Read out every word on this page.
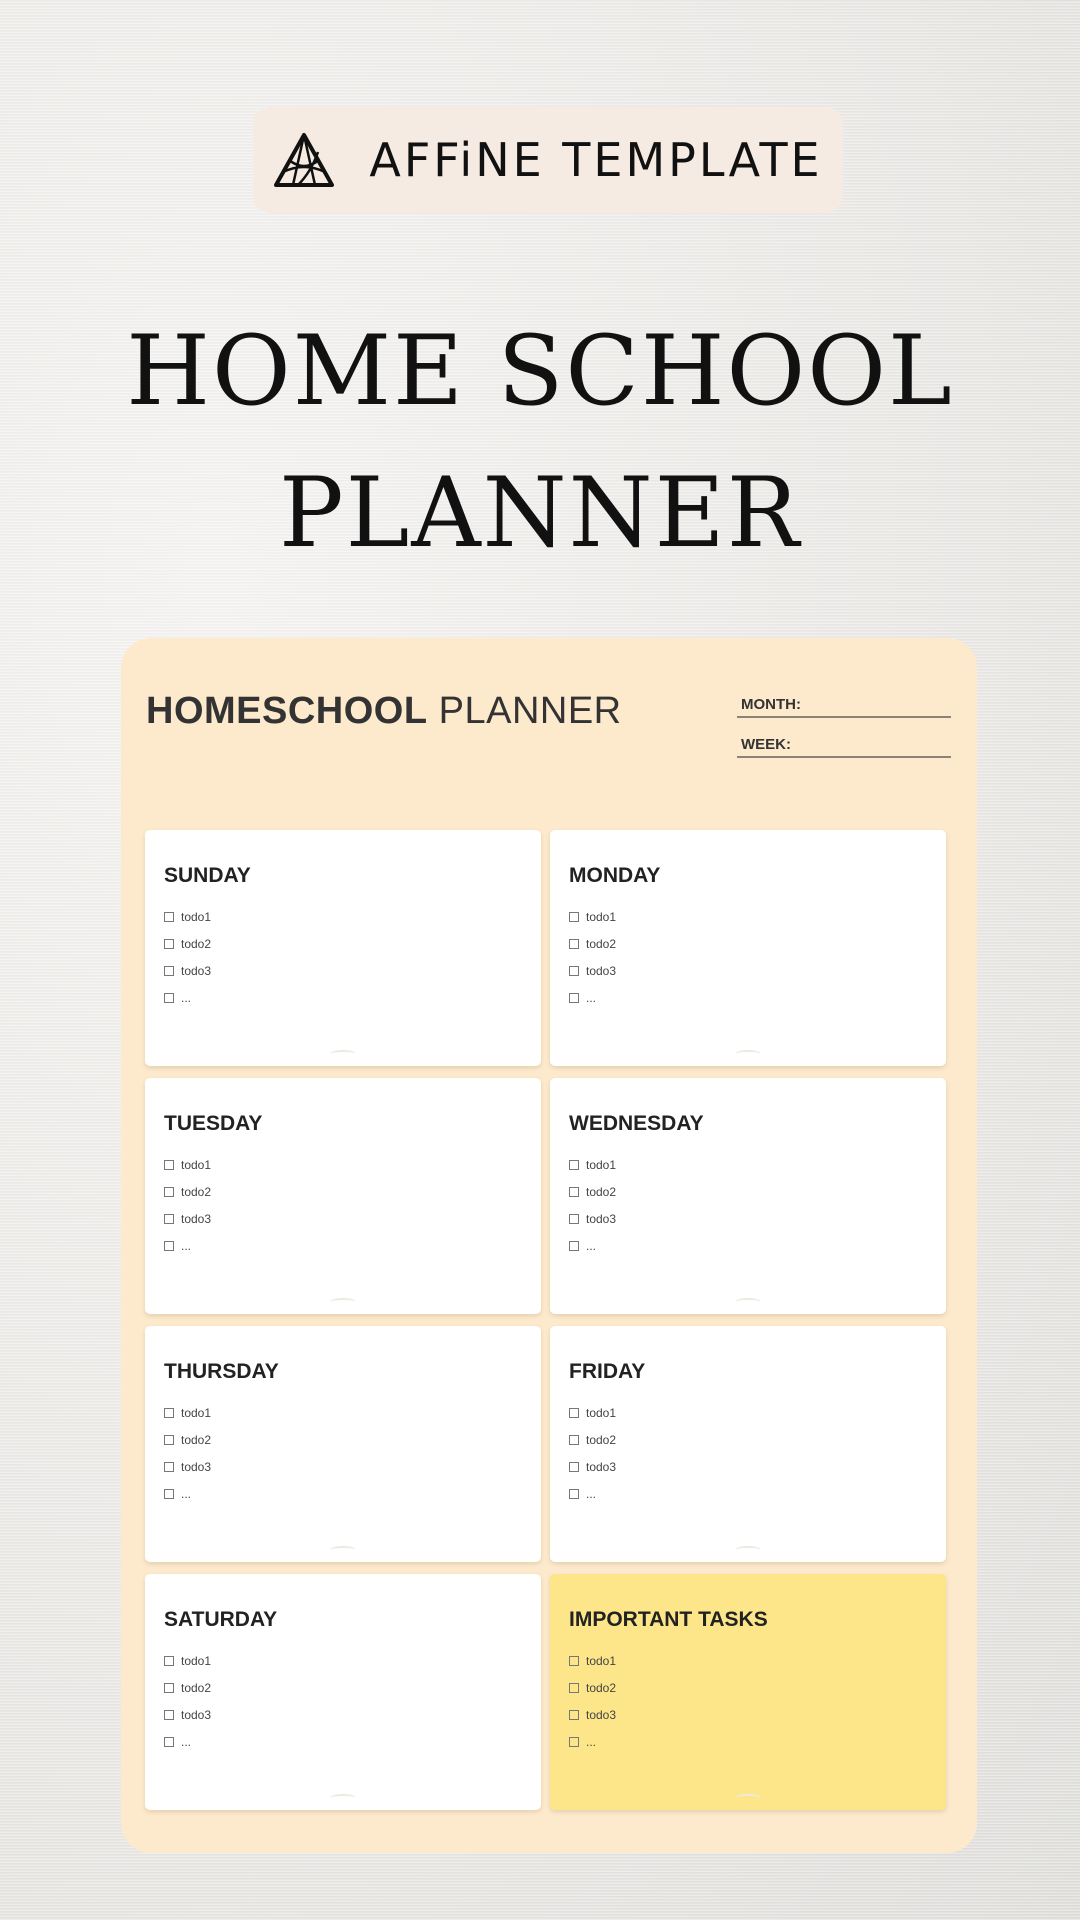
AFFiNE TEMPLATE
HOME SCHOOL
PLANNER
HOMESCHOOL PLANNER	MONTH:
WEEK:
SUNDAY
todo1
todo2
todo3
...
MONDAY
todo1
todo2
todo3
...
TUESDAY
todo1
todo2
todo3
...
WEDNESDAY
todo1
todo2
todo3
...
THURSDAY
todo1
todo2
todo3
...
FRIDAY
todo1
todo2
todo3
...
SATURDAY
todo1
todo2
todo3
...
IMPORTANT TASKS
todo1
todo2
todo3
...
